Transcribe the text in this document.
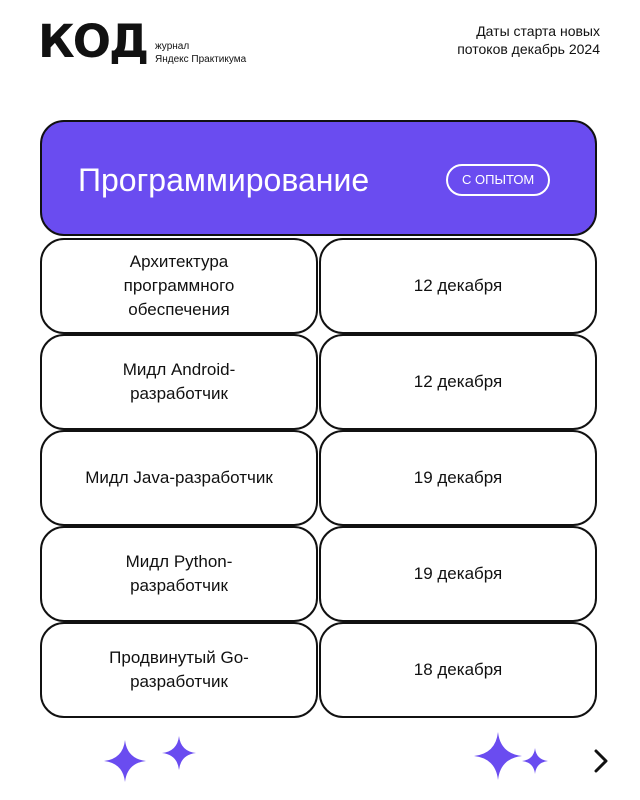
КОД журнал
Яндекс Практикума
Даты старта новых
потоков декабрь 2024
Программирование	С ОПЫТОМ
Архитектура программного обеспечения
12 декабря
Мидл Android-разработчик
12 декабря
Мидл Java-разработчик	19 декабря
Мидл Python-разработчик
19 декабря
Продвинутый Go-разработчик
18 декабря
